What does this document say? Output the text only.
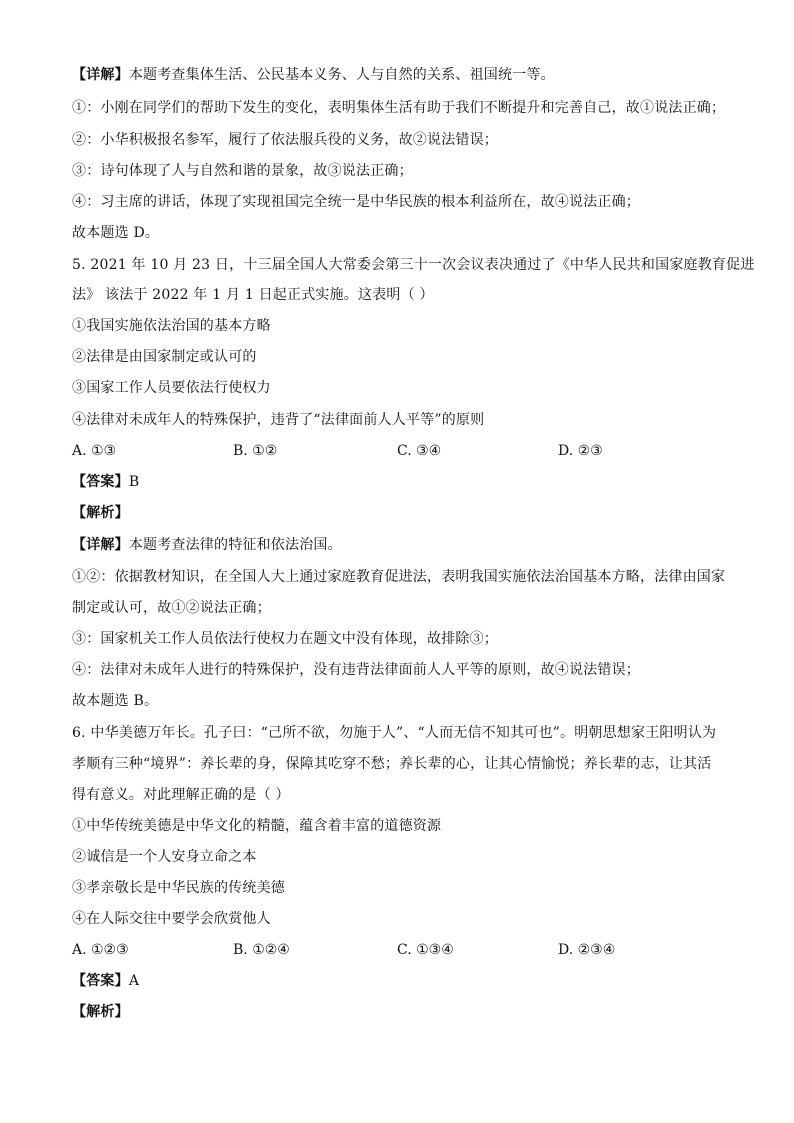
【详解】本题考查集体生活、公民基本义务、人与自然的关系、祖国统一等。
①：小刚在同学们的帮助下发生的变化，表明集体生活有助于我们不断提升和完善自己，故①说法正确；
②：小华积极报名参军，履行了依法服兵役的义务，故②说法错误；
③：诗句体现了人与自然和谐的景象，故③说法正确；
④：习主席的讲话，体现了实现祖国完全统一是中华民族的根本利益所在，故④说法正确；
故本题选 D。
5. 2021 年 10 月 23 日，十三届全国人大常委会第三十一次会议表决通过了《中华人民共和国家庭教育促进
法》 该法于 2022 年 1 月 1 日起正式实施。这表明（ ）
①我国实施依法治国的基本方略
②法律是由国家制定或认可的
③国家工作人员要依法行使权力
④法律对未成年人的特殊保护，违背了“法律面前人人平等”的原则
A. ①③	B. ①②	C. ③④	D. ②③
【答案】B
【解析】
【详解】本题考查法律的特征和依法治国。
①②：依据教材知识，在全国人大上通过家庭教育促进法，表明我国实施依法治国基本方略，法律由国家
制定或认可，故①②说法正确；
③：国家机关工作人员依法行使权力在题文中没有体现，故排除③；
④：法律对未成年人进行的特殊保护，没有违背法律面前人人平等的原则，故④说法错误；
故本题选 B。
6. 中华美德万年长。孔子曰：“己所不欲，勿施于人”、“人而无信不知其可也”。明朝思想家王阳明认为
孝顺有三种“境界”：养长辈的身，保障其吃穿不愁；养长辈的心，让其心情愉悦；养长辈的志，让其活
得有意义。对此理解正确的是（ ）
①中华传统美德是中华文化的精髓，蕴含着丰富的道德资源
②诚信是一个人安身立命之本
③孝亲敬长是中华民族的传统美德
④在人际交往中要学会欣赏他人
A. ①②③	B. ①②④	C. ①③④	D. ②③④
【答案】A
【解析】
